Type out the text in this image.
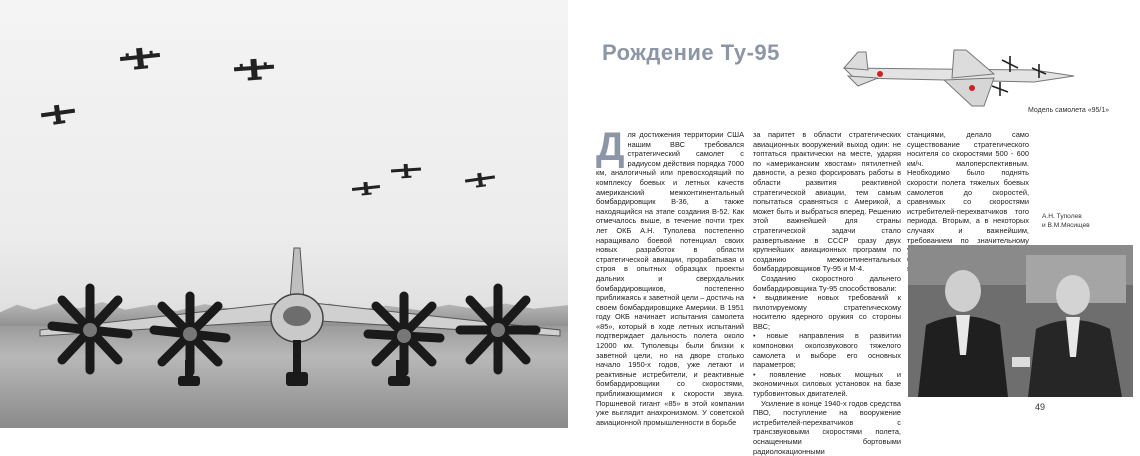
Рождение Ту-95
Модель самолета «95/1»

Для достижения территории США нашим ВВС требовался стратегический самолет с радиусом действия порядка 7000 км, аналогичный или превосходящий по комплексу боевых и летных качеств американский межконтинентальный бомбардировщик В-36, а также находящийся на этапе создания В-52. Как отмечалось выше, в течение почти трех лет ОКБ А.Н. Туполева постепенно наращивало боевой потенциал своих новых разработок в области стратегической авиации, прорабатывая и строя в опытных образцах проекты дальних и сверхдальних бомбардировщиков, постепенно приближаясь к заветной цели – достичь на своем бомбардировщике Америки. В 1951 году ОКБ начинает испытания самолета «85», который в ходе летных испытаний подтверждает дальность полета около 12000 км. Туполевцы были близки к заветной цели, но на дворе столько начало 1950-х годов, уже летают и реактивные истребители, и реактивные бомбардировщики со скоростями, приближающимися к скорости звука. Поршневой гигант «85» в этой компании уже выглядит анахронизмом. У советской авиационной промышленности в борьбе

за паритет в области стратегических авиационных вооружений выход один: не топтаться практически на месте, ударяя по «американским хвостам» пятилетней давности, а резко форсировать работы в области развития реактивной стратегической авиации, тем самым попытаться сравняться с Америкой, а может быть и выбраться вперед. Решению этой важнейшей для страны стратегической задачи стало развертывание в СССР сразу двух крупнейших авиационных программ по созданию межконтинентальных бомбардировщиков Ту-95 и М-4.

Созданию скоростного дальнего бомбардировщика Ту-95 способствовали:

• выдвижение новых требований к пилотируемому стратегическому носителю ядерного оружия со стороны ВВС;

• новые направления в развитии компоновки околозвукового тяжелого самолета и выборе его основных параметров;

• появление новых мощных и экономичных силовых установок на базе турбовинтовых двигателей.

Усиление в конце 1940-х годов средства ПВО, поступление на вооружение истребителей-перехватчиков с трансзвуковыми скоростями полета, оснащенными бортовыми радиолокационными

станциями, делало само существование стратегического носителя со скоростями 500 - 600 км/ч. малоперспективным. Необходимо было поднять скорости полета тяжелых боевых самолетов до скоростей, сравнимых со скоростями истребителей-перехватчиков того периода. Вторым, а в некоторых случаях и важнейшим, требованием по значительному

А.Н. Туполев
и В.М.Мясищев
49
